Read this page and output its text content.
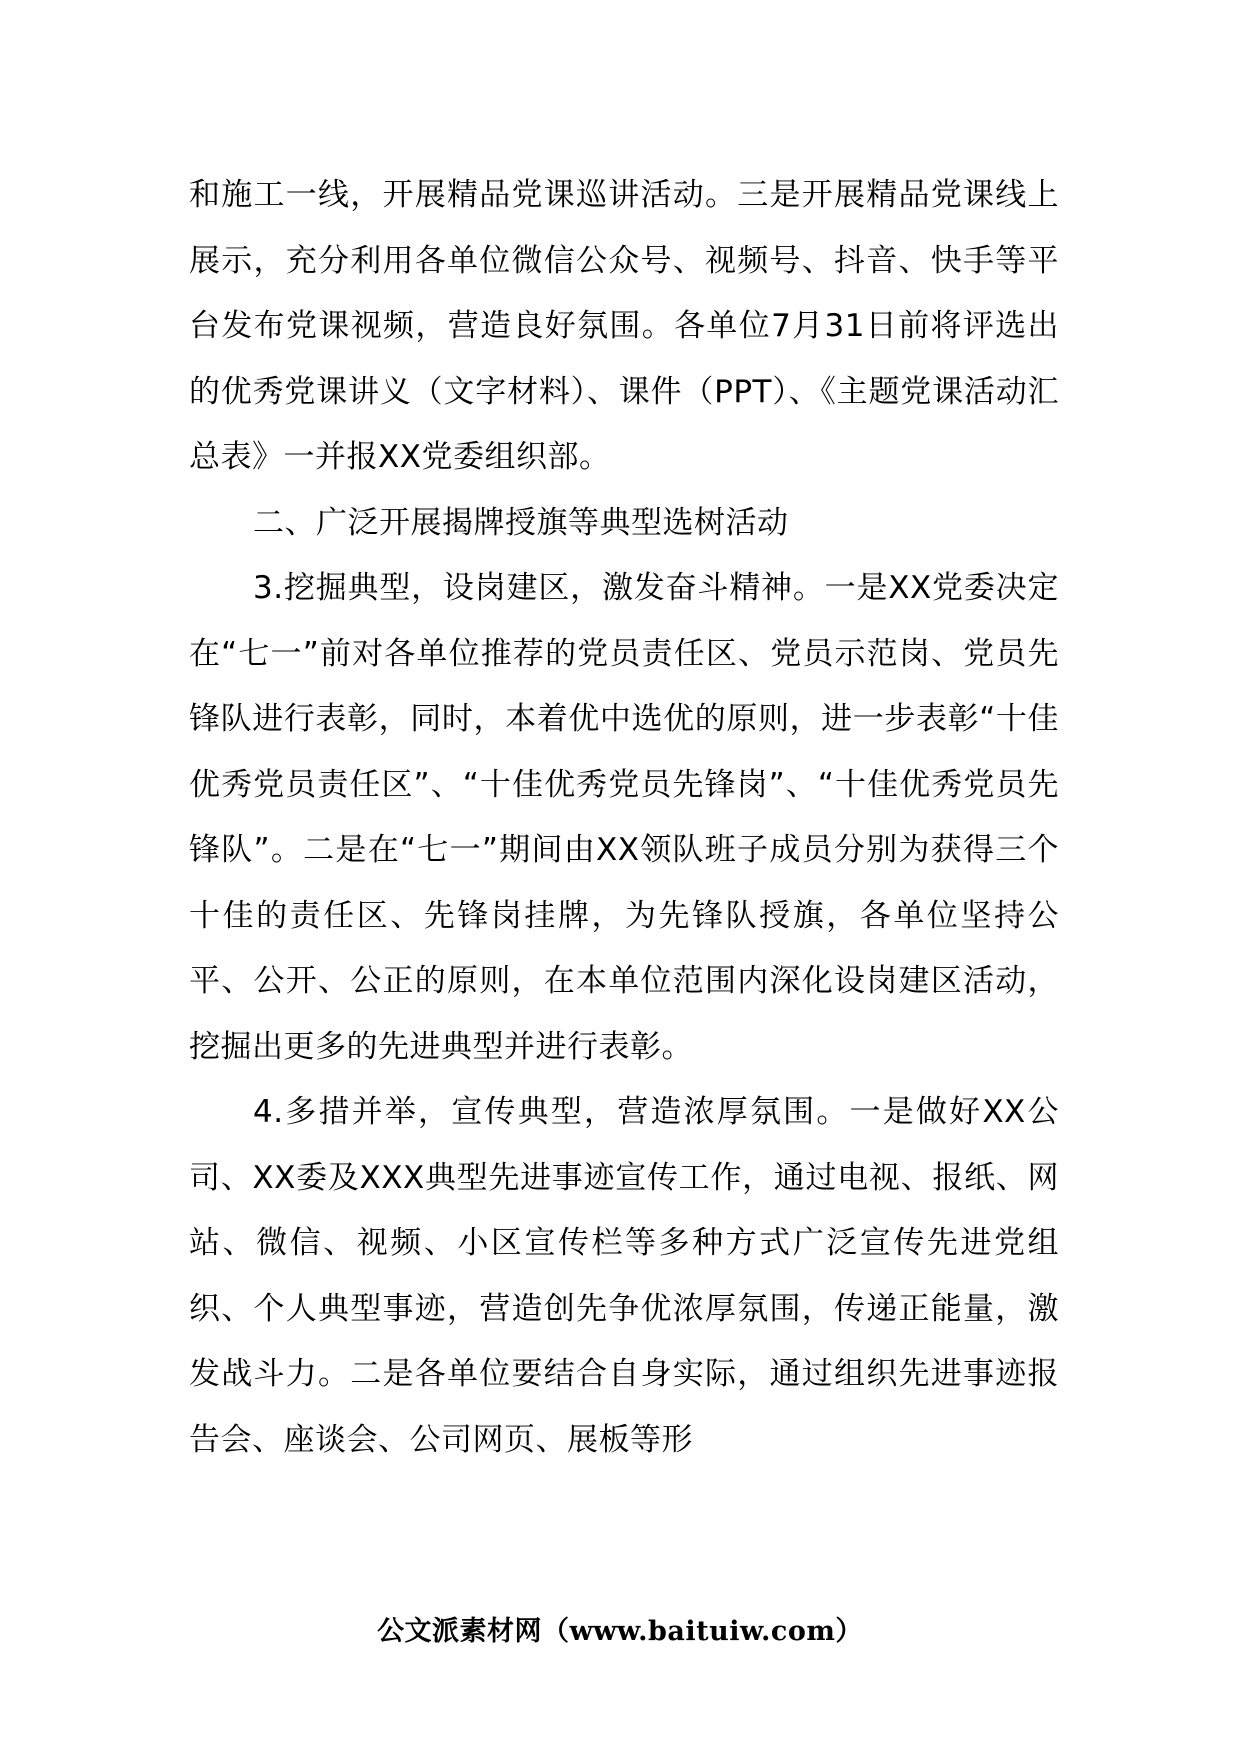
和施工一线，开展精品党课巡讲活动。三是开展精品党课线上展示，充分利用各单位微信公众号、视频号、抖音、快手等平台发布党课视频，营造良好氛围。各单位7月31日前将评选出的优秀党课讲义（文字材料）、课件（PPT）、《主题党课活动汇总表》一并报XX党委组织部。

二、广泛开展揭牌授旗等典型选树活动

3.挖掘典型，设岗建区，激发奋斗精神。一是XX党委决定在“七一”前对各单位推荐的党员责任区、党员示范岗、党员先锋队进行表彰，同时，本着优中选优的原则，进一步表彰“十佳优秀党员责任区”、“十佳优秀党员先锋岗”、“十佳优秀党员先锋队”。二是在“七一”期间由XX领队班子成员分别为获得三个十佳的责任区、先锋岗挂牌，为先锋队授旗，各单位坚持公平、公开、公正的原则，在本单位范围内深化设岗建区活动，挖掘出更多的先进典型并进行表彰。

4.多措并举，宣传典型，营造浓厚氛围。一是做好XX公司、XX委及XXX典型先进事迹宣传工作，通过电视、报纸、网站、微信、视频、小区宣传栏等多种方式广泛宣传先进党组织、个人典型事迹，营造创先争优浓厚氛围，传递正能量，激发战斗力。二是各单位要结合自身实际，通过组织先进事迹报告会、座谈会、公司网页、展板等形

公文派素材网（www.baituiw.com）
